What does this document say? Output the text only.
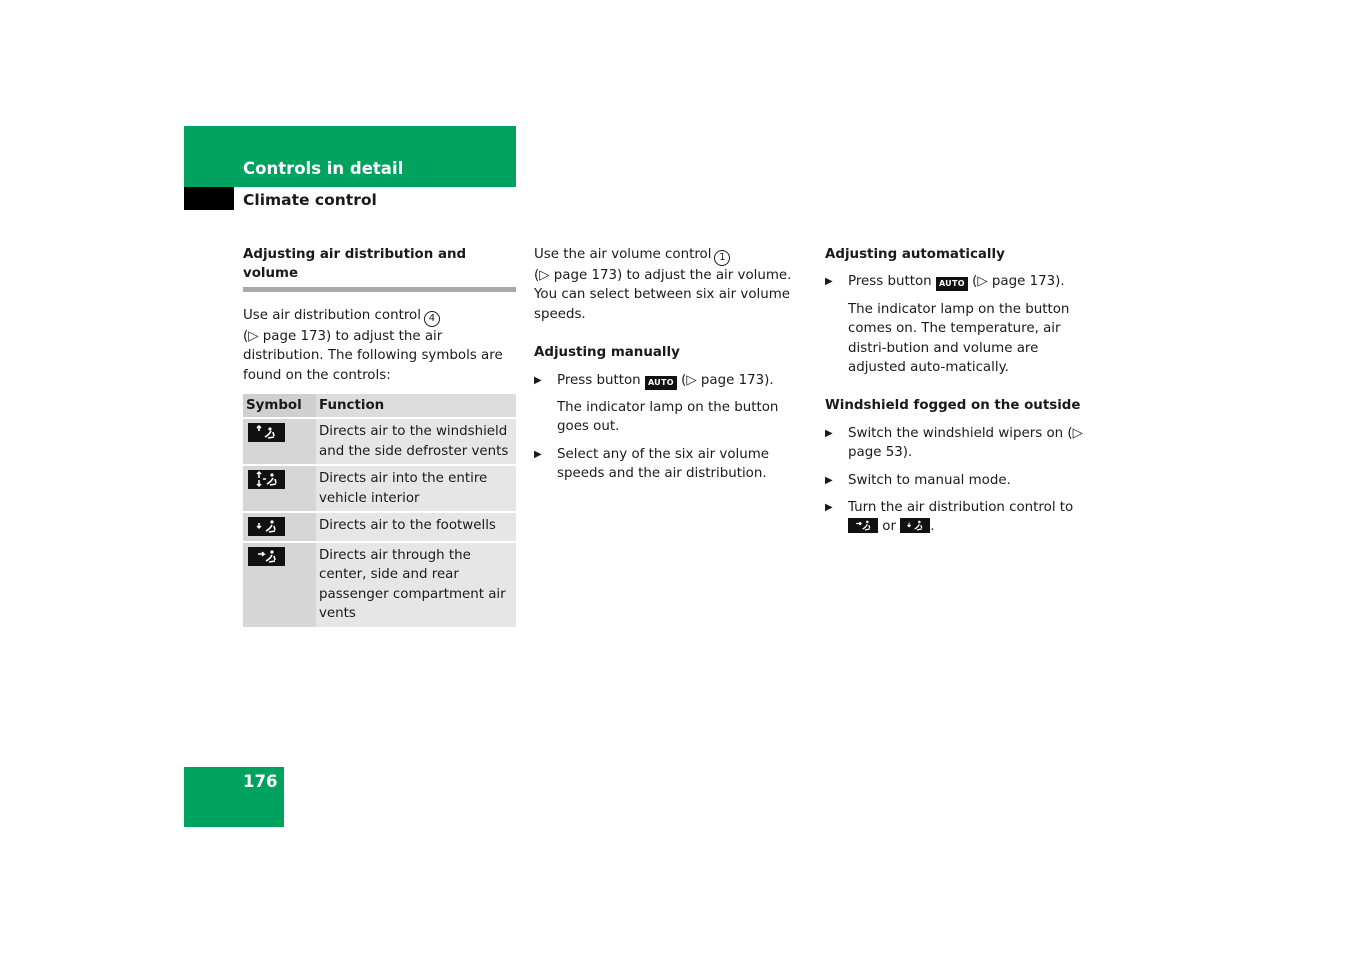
Controls in detail
Climate control

Adjusting air distribution and volume

Use air distribution control 4
(▷ page 173) to adjust the air distribution. The following symbols are found on the controls:

Symbol	Function

	Directs air to the windshield and the side defroster vents

	Directs air into the entire vehicle interior

	Directs air to the footwells

	Directs air through the center, side and rear passenger compartment air vents

Use the air volume control 1
(▷ page 173) to adjust the air volume. You can select between six air volume speeds.

Adjusting manually

▶ Press button AUTO (▷ page 173).

The indicator lamp on the button goes out.

▶ Select any of the six air volume speeds and the air distribution.

Adjusting automatically

▶ Press button AUTO (▷ page 173).

The indicator lamp on the button comes on. The temperature, air distri-bution and volume are adjusted auto-matically.

Windshield fogged on the outside

▶ Switch the windshield wipers on (▷ page 53).
▶ Switch to manual mode.
▶ Turn the air distribution control to
or	.
176
